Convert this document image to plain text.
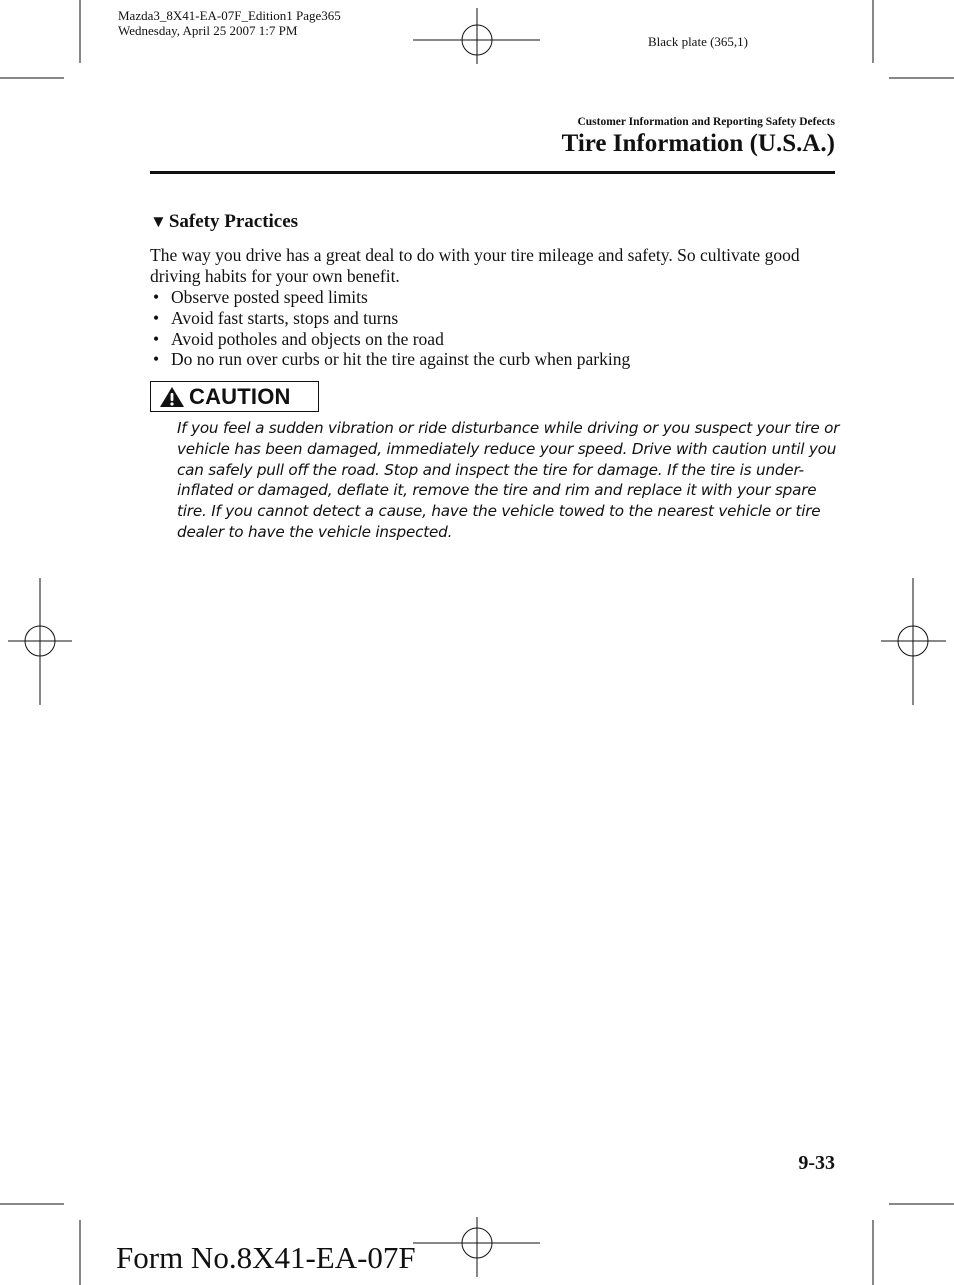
Mazda3_8X41-EA-07F_Edition1 Page365
Wednesday, April 25 2007 1:7 PM
Black plate (365,1)
Customer Information and Reporting Safety Defects
Tire Information (U.S.A.)
▼ Safety Practices
The way you drive has a great deal to do with your tire mileage and safety. So cultivate good driving habits for your own benefit.
• Observe posted speed limits
• Avoid fast starts, stops and turns
• Avoid potholes and objects on the road
• Do no run over curbs or hit the tire against the curb when parking
CAUTION
If you feel a sudden vibration or ride disturbance while driving or you suspect your tire or vehicle has been damaged, immediately reduce your speed. Drive with caution until you can safely pull off the road. Stop and inspect the tire for damage. If the tire is under-inflated or damaged, deflate it, remove the tire and rim and replace it with your spare tire. If you cannot detect a cause, have the vehicle towed to the nearest vehicle or tire dealer to have the vehicle inspected.
9-33
Form No.8X41-EA-07F
